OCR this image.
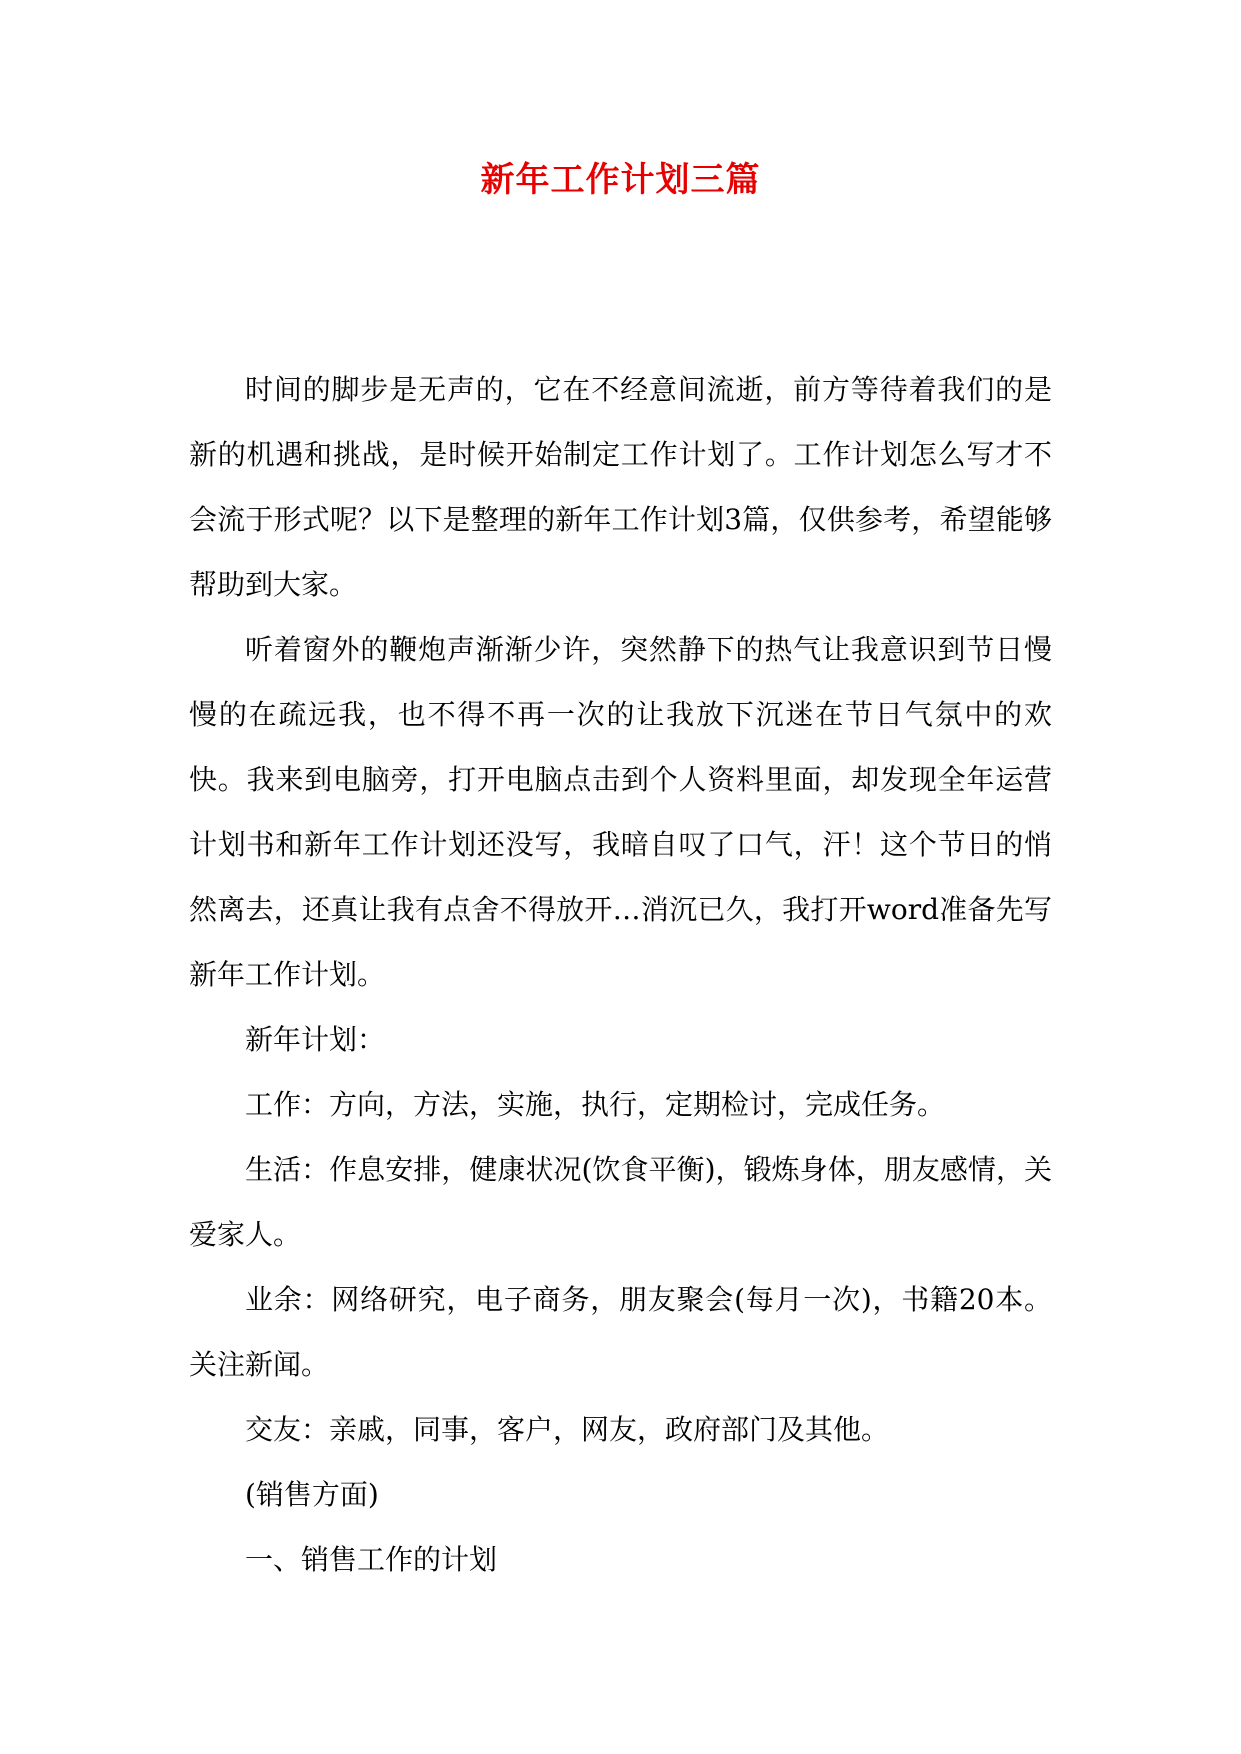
新年工作计划三篇

时间的脚步是无声的，它在不经意间流逝，前方等待着我们的是新的机遇和挑战，是时候开始制定工作计划了。工作计划怎么写才不会流于形式呢？以下是整理的新年工作计划3篇，仅供参考，希望能够帮助到大家。

听着窗外的鞭炮声渐渐少许，突然静下的热气让我意识到节日慢慢的在疏远我，也不得不再一次的让我放下沉迷在节日气氛中的欢快。我来到电脑旁，打开电脑点击到个人资料里面，却发现全年运营计划书和新年工作计划还没写，我暗自叹了口气，汗！这个节日的悄然离去，还真让我有点舍不得放开…消沉已久，我打开word准备先写新年工作计划。

新年计划：

工作：方向，方法，实施，执行，定期检讨，完成任务。

生活：作息安排，健康状况(饮食平衡)，锻炼身体，朋友感情，关爱家人。

业余：网络研究，电子商务，朋友聚会(每月一次)，书籍20本。关注新闻。

交友：亲戚，同事，客户，网友，政府部门及其他。

(销售方面)

一、销售工作的计划
